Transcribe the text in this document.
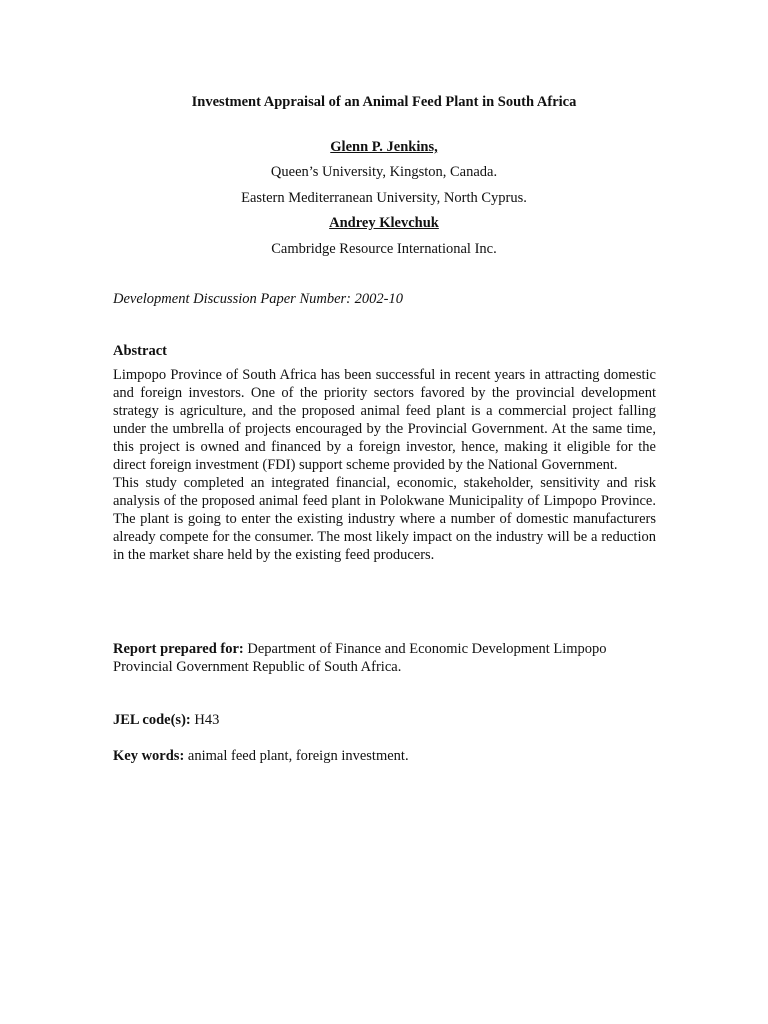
Investment Appraisal of an Animal Feed Plant in South Africa
Glenn P. Jenkins,
Queen’s University, Kingston, Canada.
Eastern Mediterranean University, North Cyprus.
Andrey Klevchuk
Cambridge Resource International Inc.
Development Discussion Paper Number: 2002-10
Abstract

Limpopo Province of South Africa has been successful in recent years in attracting domestic and foreign investors. One of the priority sectors favored by the provincial development strategy is agriculture, and the proposed animal feed plant is a commercial project falling under the umbrella of projects encouraged by the Provincial Government. At the same time, this project is owned and financed by a foreign investor, hence, making it eligible for the direct foreign investment (FDI) support scheme provided by the National Government.

This study completed an integrated financial, economic, stakeholder, sensitivity and risk analysis of the proposed animal feed plant in Polokwane Municipality of Limpopo Province. The plant is going to enter the existing industry where a number of domestic manufacturers already compete for the consumer. The most likely impact on the industry will be a reduction in the market share held by the existing feed producers.

Report prepared for: Department of Finance and Economic Development Limpopo Provincial Government Republic of South Africa.
JEL code(s): H43
Key words: animal feed plant, foreign investment.
